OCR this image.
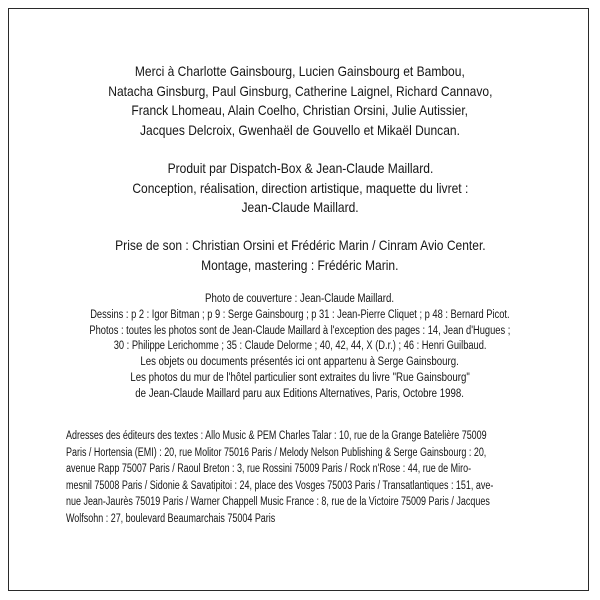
Merci à Charlotte Gainsbourg, Lucien Gainsbourg et Bambou,
Natacha Ginsburg, Paul Ginsburg, Catherine Laignel, Richard Cannavo,
Franck Lhomeau, Alain Coelho, Christian Orsini, Julie Autissier,
Jacques Delcroix, Gwenhaël de Gouvello et Mikaël Duncan.
Produit par Dispatch-Box & Jean-Claude Maillard.
Conception, réalisation, direction artistique, maquette du livret :
Jean-Claude Maillard.
Prise de son : Christian Orsini et Frédéric Marin / Cinram Avio Center.
Montage, mastering : Frédéric Marin.
Photo de couverture : Jean-Claude Maillard.
Dessins : p 2 : Igor Bitman ; p 9 : Serge Gainsbourg ; p 31 : Jean-Pierre Cliquet ; p 48 : Bernard Picot.
Photos : toutes les photos sont de Jean-Claude Maillard à l'exception des pages : 14, Jean d'Hugues ;
30 : Philippe Lerichomme ; 35 : Claude Delorme ; 40, 42, 44, X (D.r.) ; 46 : Henri Guilbaud.
Les objets ou documents présentés ici ont appartenu à Serge Gainsbourg.
Les photos du mur de l'hôtel particulier sont extraites du livre "Rue Gainsbourg"
de Jean-Claude Maillard paru aux Editions Alternatives, Paris, Octobre 1998.
Adresses des éditeurs des textes : Allo Music & PEM Charles Talar : 10, rue de la Grange Batelière 75009
Paris / Hortensia (EMI) : 20, rue Molitor 75016 Paris / Melody Nelson Publishing & Serge Gainsbourg : 20,
avenue Rapp 75007 Paris / Raoul Breton : 3, rue Rossini 75009 Paris / Rock n'Rose : 44, rue de Miro-
mesnil 75008 Paris / Sidonie & Savatipitoi : 24, place des Vosges 75003 Paris / Transatlantiques : 151, ave-
nue Jean-Jaurès 75019 Paris / Warner Chappell Music France : 8, rue de la Victoire 75009 Paris / Jacques
Wolfsohn : 27, boulevard Beaumarchais 75004 Paris
